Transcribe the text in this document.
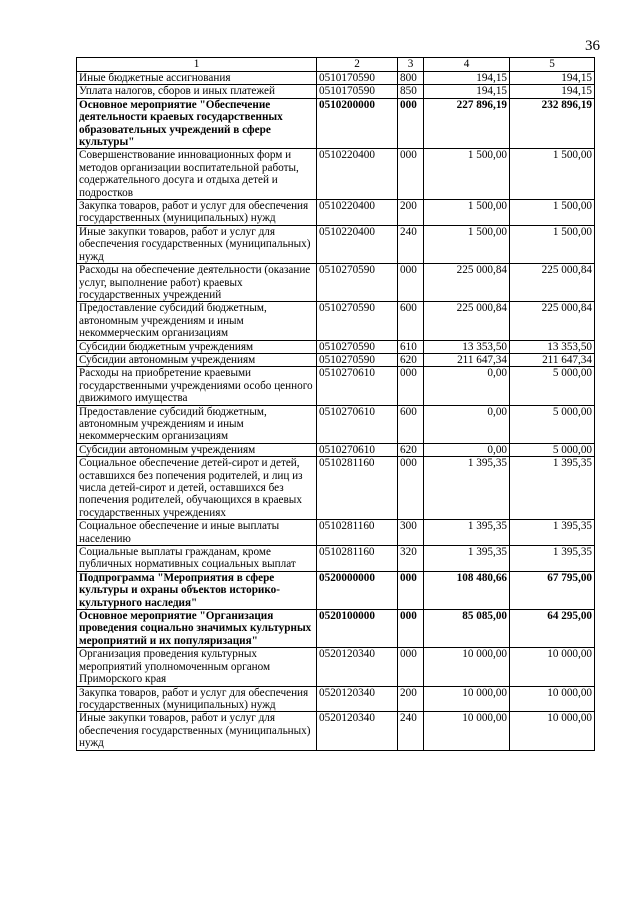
36
1	2	3	4	5
Иные бюджетные ассигнования	0510170590	800	194,15	194,15
Уплата налогов, сборов и иных платежей	0510170590	850	194,15	194,15
Основное мероприятие "Обеспечение деятельности краевых государственных образовательных учреждений в сфере культуры"	0510200000	000	227 896,19	232 896,19
Совершенствование инновационных форм и методов организации воспитательной работы, содержательного досуга и отдыха детей и подростков	0510220400	000	1 500,00	1 500,00
Закупка товаров, работ и услуг для обеспечения государственных (муниципальных) нужд	0510220400	200	1 500,00	1 500,00
Иные закупки товаров, работ и услуг для обеспечения государственных (муниципальных) нужд	0510220400	240	1 500,00	1 500,00
Расходы на обеспечение деятельности (оказание услуг, выполнение работ) краевых государственных учреждений	0510270590	000	225 000,84	225 000,84
Предоставление субсидий бюджетным, автономным учреждениям и иным некоммерческим организациям	0510270590	600	225 000,84	225 000,84
Субсидии бюджетным учреждениям	0510270590	610	13 353,50	13 353,50
Субсидии автономным учреждениям	0510270590	620	211 647,34	211 647,34
Расходы на приобретение краевыми государственными учреждениями особо ценного движимого имущества	0510270610	000	0,00	5 000,00
Предоставление субсидий бюджетным, автономным учреждениям и иным некоммерческим организациям	0510270610	600	0,00	5 000,00
Субсидии автономным учреждениям	0510270610	620	0,00	5 000,00
Социальное обеспечение детей-сирот и детей, оставшихся без попечения родителей, и лиц из числа детей-сирот и детей, оставшихся без попечения родителей, обучающихся в краевых государственных учреждениях	0510281160	000	1 395,35	1 395,35
Социальное обеспечение и иные выплаты населению	0510281160	300	1 395,35	1 395,35
Социальные выплаты гражданам, кроме публичных нормативных социальных выплат	0510281160	320	1 395,35	1 395,35
Подпрограмма "Мероприятия в сфере культуры и охраны объектов историко-культурного наследия"	0520000000	000	108 480,66	67 795,00
Основное мероприятие "Организация проведения социально значимых культурных мероприятий и их популяризация"	0520100000	000	85 085,00	64 295,00
Организация проведения культурных мероприятий уполномоченным органом Приморского края	0520120340	000	10 000,00	10 000,00
Закупка товаров, работ и услуг для обеспечения государственных (муниципальных) нужд	0520120340	200	10 000,00	10 000,00
Иные закупки товаров, работ и услуг для обеспечения государственных (муниципальных) нужд	0520120340	240	10 000,00	10 000,00
